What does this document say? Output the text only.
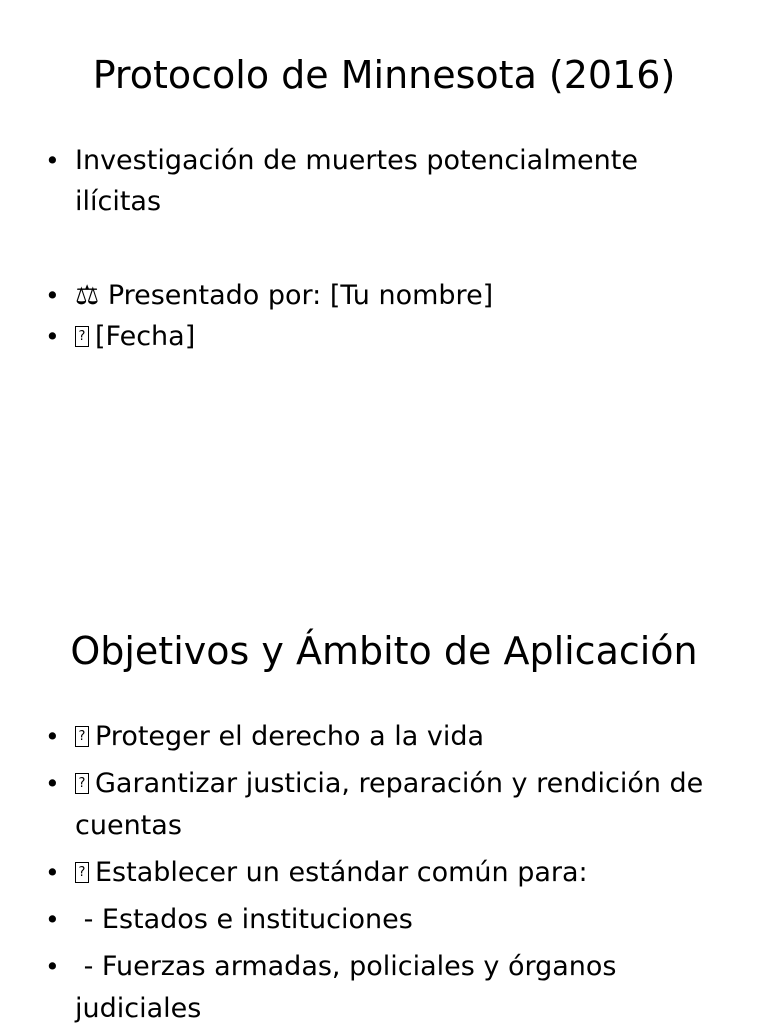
Protocolo de Minnesota (2016)
• Investigación de muertes potencialmente ilícitas
• ⚖ Presentado por: [Tu nombre]
• ? [Fecha]
Objetivos y Ámbito de Aplicación
• ? Proteger el derecho a la vida
• ? Garantizar justicia, reparación y rendición de cuentas
• ? Establecer un estándar común para:
• - Estados e instituciones
• - Fuerzas armadas, policiales y órganos judiciales
